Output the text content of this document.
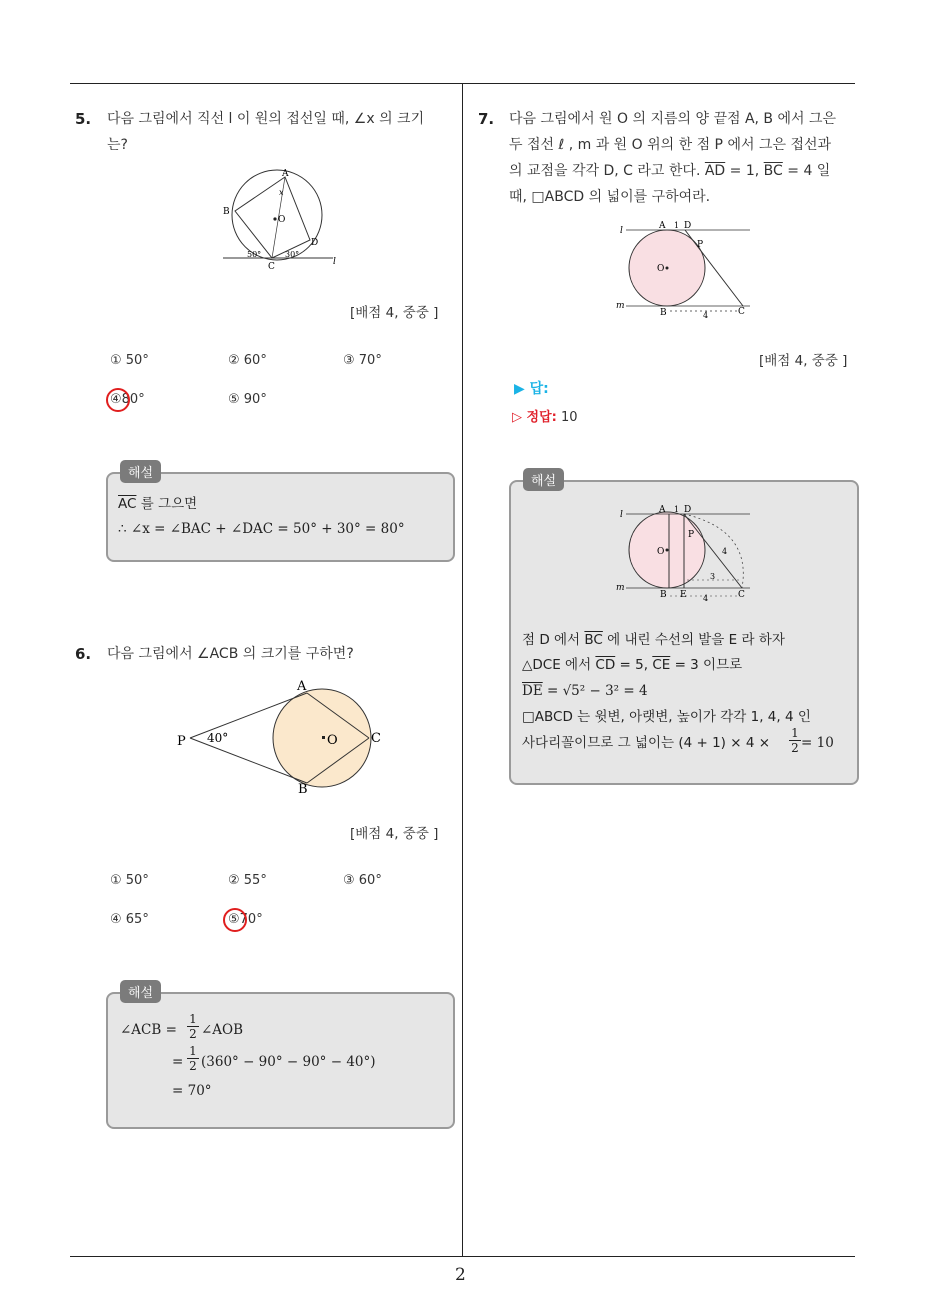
2
5. 다음 그림에서 직선 l 이 원의 접선일 때, ∠x 의 크기
는?
A
B
C
D
O
x
l
50°	30°
[배점 4, 중중 ]
① 50°	② 60°	③ 70°
④80°	⑤ 90°
해설
$\overline{AC}$ 를 그으면
∴ ∠x = ∠BAC + ∠DAC = 50° + 30° = 80°
6. 다음 그림에서 ∠ACB 의 크기를 구하면?
A
B
C
P	O
40°
[배점 4, 중중 ]
① 50°	② 55°	③ 60°
④ 65°	⑤70°
해설
∠ACB =
1
2 ∠AOB
=
1
2 (360° − 90° − 90° − 40°)
= 70°
7. 다음 그림에서 원 O 의 지름의 양 끝점 A, B 에서 그은
두 접선 ℓ , m 과 원 O 위의 한 점 P 에서 그은 접선과
의 교점을 각각 D, C 라고 한다. $\overline{AD} = 1$, $\overline{BC} = 4$ 일
때, □ABCD 의 넓이를 구하여라.
A 1 D
P
O
B	4	C
l
m
[배점 4, 중중 ]
▶ 답:
▷ 정답: 10
해설
A 1 D
P
O
B E	C
3
4
4
l
m
점 D 에서 $\overline{BC}$ 에 내린 수선의 발을 E 라 하자
△DCE 에서 $\overline{CD} = 5$, $\overline{CE} = 3$ 이므로
$\overline{DE} = √5^2 - 3^2 = 4$
□ABCD 는 윗변, 아랫변, 높이가 각각 1, 4, 4 인
사다리꼴이므로 그 넓이는 (4 + 1) × 4 ×
1
2 = 10
